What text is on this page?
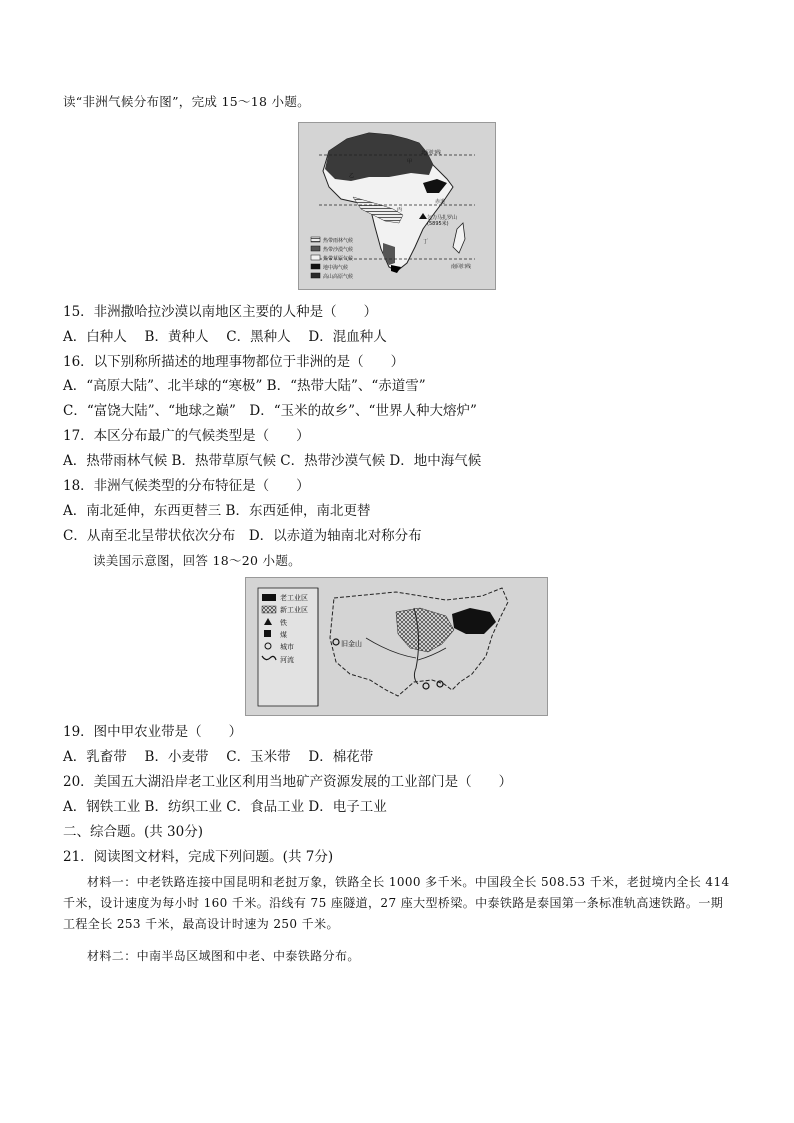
读“非洲气候分布图”，完成 15～18 小题。
北回归线
甲
乙
丙
赤道
乞力马扎罗山
(5895米)
丁
南回归线
热带雨林气候
热带沙漠气候
热带草原气候
地中海气候
高山高原气候
15．非洲撒哈拉沙漠以南地区主要的人种是（　　）
A．白种人　 B．黄种人　 C．黑种人　 D．混血种人
16．以下别称所描述的地理事物都位于非洲的是（　　）
A．“高原大陆”、北半球的“寒极” B．“热带大陆”、“赤道雪”
C．“富饶大陆”、“地球之巅”　D．“玉米的故乡”、“世界人种大熔炉”
17．本区分布最广的气候类型是（　　）
A．热带雨林气候 B．热带草原气候 C．热带沙漠气候 D．地中海气候
18．非洲气候类型的分布特征是（　　）
A．南北延伸，东西更替三 B．东西延伸，南北更替
C．从南至北呈带状依次分布　D．以赤道为轴南北对称分布
读美国示意图，回答 18～20 小题。
老工业区
新工业区
铁
煤
城市
河流
旧金山
19．图中甲农业带是（　　）
A．乳畜带　 B．小麦带　 C．玉米带　 D．棉花带
20．美国五大湖沿岸老工业区利用当地矿产资源发展的工业部门是（　　）
A．钢铁工业 B．纺织工业 C．食品工业 D．电子工业
二、综合题。(共 30分)
21．阅读图文材料，完成下列问题。(共 7分)
材料一：中老铁路连接中国昆明和老挝万象，铁路全长 1000 多千米。中国段全长 508.53 千米，老挝境内全长 414 千米，设计速度为每小时 160 千米。沿线有 75 座隧道，27 座大型桥梁。中泰铁路是泰国第一条标准轨高速铁路。一期工程全长 253 千米，最高设计时速为 250 千米。
材料二：中南半岛区域图和中老、中泰铁路分布。
